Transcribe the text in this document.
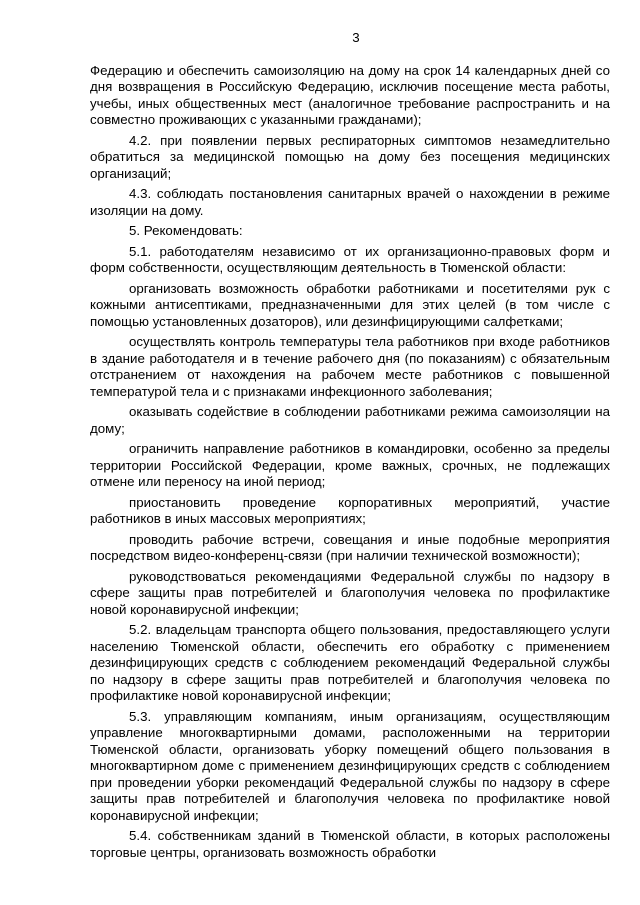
3

Федерацию и обеспечить самоизоляцию на дому на срок 14 календарных дней со дня возвращения в Российскую Федерацию, исключив посещение места работы, учебы, иных общественных мест (аналогичное требование распространить и на совместно проживающих с указанными гражданами);

4.2. при появлении первых респираторных симптомов незамедлительно обратиться за медицинской помощью на дому без посещения медицинских организаций;

4.3. соблюдать постановления санитарных врачей о нахождении в режиме изоляции на дому.

5. Рекомендовать:

5.1. работодателям независимо от их организационно-правовых форм и форм собственности, осуществляющим деятельность в Тюменской области:

организовать возможность обработки работниками и посетителями рук с кожными антисептиками, предназначенными для этих целей (в том числе с помощью установленных дозаторов), или дезинфицирующими салфетками;

осуществлять контроль температуры тела работников при входе работников в здание работодателя и в течение рабочего дня (по показаниям) с обязательным отстранением от нахождения на рабочем месте работников с повышенной температурой тела и с признаками инфекционного заболевания;

оказывать содействие в соблюдении работниками режима самоизоляции на дому;

ограничить направление работников в командировки, особенно за пределы территории Российской Федерации, кроме важных, срочных, не подлежащих отмене или переносу на иной период;

приостановить проведение корпоративных мероприятий, участие работников в иных массовых мероприятиях;

проводить рабочие встречи, совещания и иные подобные мероприятия посредством видео-конференц-связи (при наличии технической возможности);

руководствоваться рекомендациями Федеральной службы по надзору в сфере защиты прав потребителей и благополучия человека по профилактике новой коронавирусной инфекции;

5.2. владельцам транспорта общего пользования, предоставляющего услуги населению Тюменской области, обеспечить его обработку с применением дезинфицирующих средств с соблюдением рекомендаций Федеральной службы по надзору в сфере защиты прав потребителей и благополучия человека по профилактике новой коронавирусной инфекции;

5.3. управляющим компаниям, иным организациям, осуществляющим управление многоквартирными домами, расположенными на территории Тюменской области, организовать уборку помещений общего пользования в многоквартирном доме с применением дезинфицирующих средств с соблюдением при проведении уборки рекомендаций Федеральной службы по надзору в сфере защиты прав потребителей и благополучия человека по профилактике новой коронавирусной инфекции;

5.4. собственникам зданий в Тюменской области, в которых расположены торговые центры, организовать возможность обработки
